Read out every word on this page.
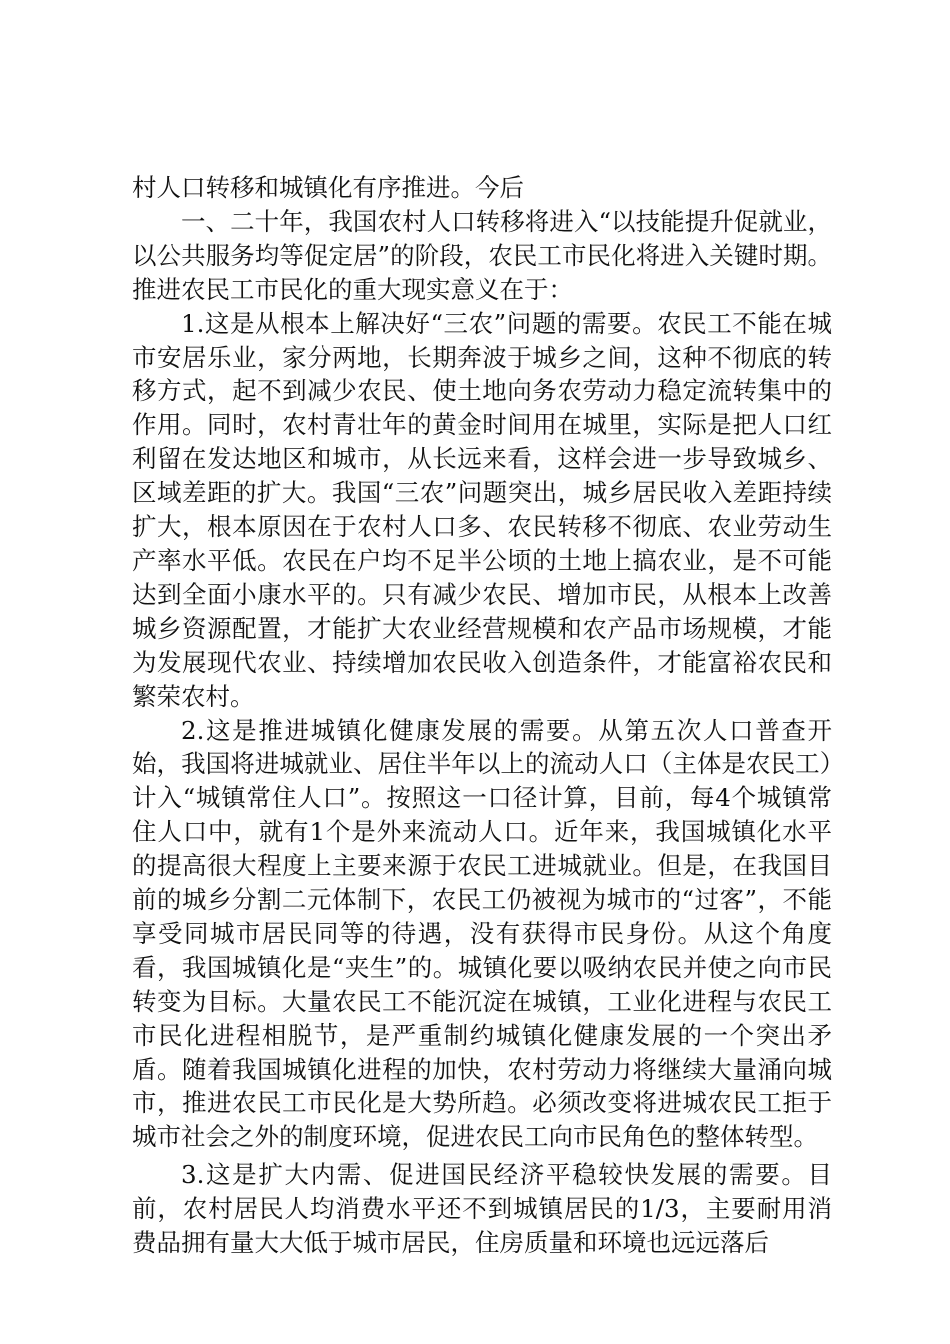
村人口转移和城镇化有序推进。今后

一、二十年，我国农村人口转移将进入“以技能提升促就业，以公共服务均等促定居”的阶段，农民工市民化将进入关键时期。推进农民工市民化的重大现实意义在于：

1.这是从根本上解决好“三农”问题的需要。农民工不能在城市安居乐业，家分两地，长期奔波于城乡之间，这种不彻底的转移方式，起不到减少农民、使土地向务农劳动力稳定流转集中的作用。同时，农村青壮年的黄金时间用在城里，实际是把人口红利留在发达地区和城市，从长远来看，这样会进一步导致城乡、区域差距的扩大。我国“三农”问题突出，城乡居民收入差距持续扩大，根本原因在于农村人口多、农民转移不彻底、农业劳动生产率水平低。农民在户均不足半公顷的土地上搞农业，是不可能达到全面小康水平的。只有减少农民、增加市民，从根本上改善城乡资源配置，才能扩大农业经营规模和农产品市场规模，才能为发展现代农业、持续增加农民收入创造条件，才能富裕农民和繁荣农村。

2.这是推进城镇化健康发展的需要。从第五次人口普查开始，我国将进城就业、居住半年以上的流动人口（主体是农民工）计入“城镇常住人口”。按照这一口径计算，目前，每4个城镇常住人口中，就有1个是外来流动人口。近年来，我国城镇化水平的提高很大程度上主要来源于农民工进城就业。但是，在我国目前的城乡分割二元体制下，农民工仍被视为城市的“过客”，不能享受同城市居民同等的待遇，没有获得市民身份。从这个角度看，我国城镇化是“夹生”的。城镇化要以吸纳农民并使之向市民转变为目标。大量农民工不能沉淀在城镇，工业化进程与农民工市民化进程相脱节，是严重制约城镇化健康发展的一个突出矛盾。随着我国城镇化进程的加快，农村劳动力将继续大量涌向城市，推进农民工市民化是大势所趋。必须改变将进城农民工拒于城市社会之外的制度环境，促进农民工向市民角色的整体转型。

3.这是扩大内需、促进国民经济平稳较快发展的需要。目前，农村居民人均消费水平还不到城镇居民的1/3，主要耐用消费品拥有量大大低于城市居民，住房质量和环境也远远落后
